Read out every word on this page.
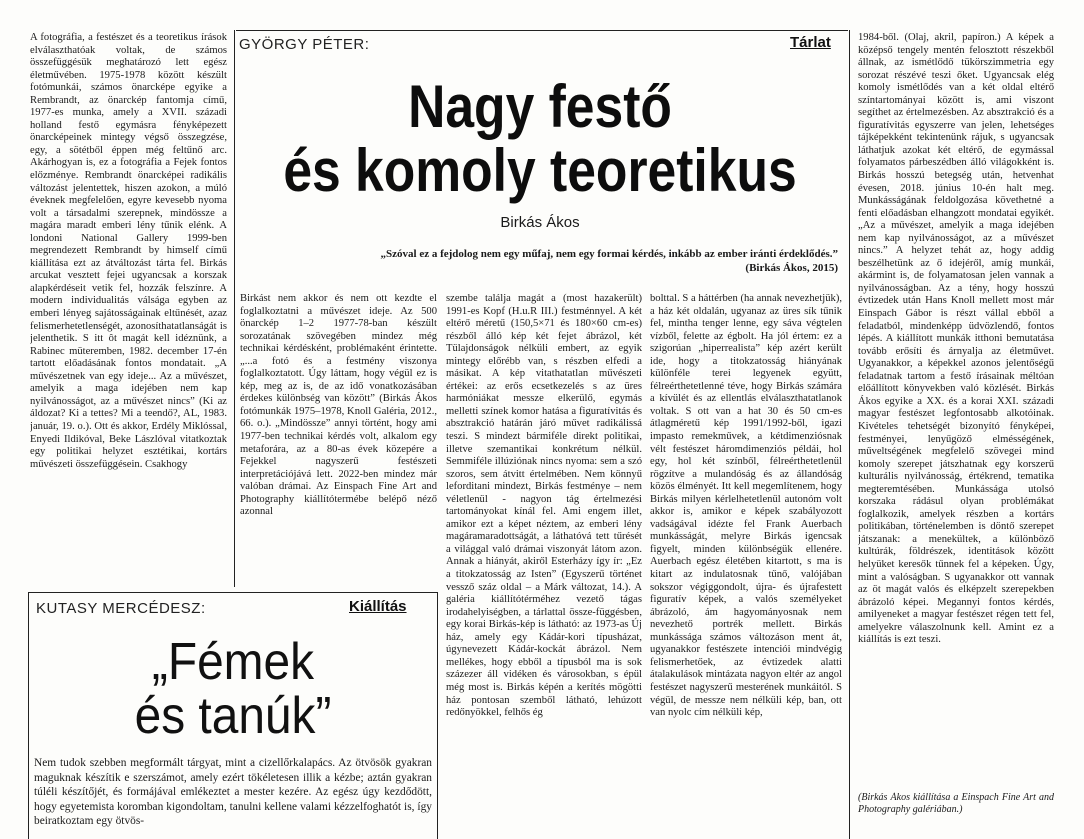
A fotográfia, a festészet és a teoretikus írások elválaszthatóak voltak, de számos összefüggésük meghatározó lett egész életművében. 1975-1978 között készült fotómunkái, számos önarcképe egyike a Rembrandt, az önarckép fantomja című, 1977-es munka, amely a XVII. századi holland festő egymásra fényképezett önarcképeinek mintegy végső összegzése, egy, a sötétből éppen még feltűnő arc. Akárhogyan is, ez a fotográfia a Fejek fontos előzménye. Rembrandt önarcképei radikális változást jelentettek, hiszen azokon, a múló éveknek megfelelően, egyre kevesebb nyoma volt a társadalmi szerepnek, mindössze a magára maradt emberi lény tűnik elénk. A londoni National Gallery 1999-ben megrendezett Rembrandt by himself című kiállítása ezt az átváltozást tárta fel. Birkás arcukat vesztett fejei ugyancsak a korszak alapkérdéseit vetik fel, hozzák felszínre. A modern individualitás válsága egyben az emberi lényeg sajátosságainak eltűnését, azaz felismerhetetlenségét, azonosíthatatlanságát is jelenthetik. S itt ôt magát kell idéznünk, a Rabinec müteremben, 1982. december 17-én tartott előadásának fontos mondatait. „A művészetnek van egy ideje... Az a művészet, amelyik a maga idejében nem kap nyilvánosságot, az a művészet nincs” (Ki az áldozat? Ki a tettes? Mi a teendő?, AL, 1983. január, 19. o.). Ott és akkor, Erdély Miklóssal, Enyedi Ildikóval, Beke Lászlóval vitatkoztak egy politikai helyzet esztétikai, kortárs művészeti összefüggésein. Csakhogy

GYÖRGY PÉTER:	Tárlat
Nagy festő
és komoly teoretikus
Birkás Ákos
„Szóval ez a fejdolog nem egy műfaj, nem egy formai kérdés, inkább az ember iránti érdeklődés.”
(Birkás Ákos, 2015)

Birkást nem akkor és nem ott kezdte el foglalkoztatni a művészet ideje. Az 500 önarckép 1–2 1977-78-ban készült sorozatának szövegében mindez még technikai kérdésként, problémaként érintette. „...a fotó és a festmény viszonya foglalkoztatott. Úgy láttam, hogy végül ez is kép, meg az is, de az idő vonatkozásában érdekes különbség van között” (Birkás Ákos fotómunkák 1975–1978, Knoll Galéria, 2012., 66. o.). „Mindössze” annyi történt, hogy ami 1977-ben technikai kérdés volt, alkalom egy metaforára, az a 80-as évek közepére a Fejekkel nagyszerű festészeti interpretációjává lett. 2022-ben mindez már valóban drámai. Az Einspach Fine Art and Photography kiállítótermébe belépő néző azonnal

szembe találja magát a (most hazakerült) 1991-es Kopf (H.u.R III.) festménnyel. A két eltérő méretű (150,5×71 és 180×60 cm-es) részből álló kép két fejet ábrázol, két Tülajdonságok nélküli embert, az egyik mintegy előrébb van, s részben elfedi a másikat. A kép vitathatatlan művészeti értékei: az erős ecsetkezelés s az üres harmóniákat messze elkerülő, egymás melletti színek komor hatása a figuratívitás és absztrakció határán járó művet radikálissá teszi. S mindezt bármiféle direkt politikai, illetve szemantikai konkrétum nélkül. Semmiféle illúziónak nincs nyoma: sem a szó szoros, sem átvitt értelmében. Nem könnyű leforditani mindezt, Birkás festménye – nem véletlenül - nagyon tág értelmezési tartományokat kínál fel. Ami engem illet, amikor ezt a képet néztem, az emberi lény magáramaradottságát, a láthatóvá tett tűrését a világgal való drámai viszonyát látom azon. Annak a hiányát, akiről Esterházy így ír: „Ez a titokzatosság az Isten” (Egyszerű történet vessző száz oldal – a Márk változat, 14.). A galéria kiállítótérméhez vezető tágas irodahelyiségben, a tárlattal össze-függésben, egy korai Birkás-kép is látható: az 1973-as Új ház, amely egy Kádár-kori típusházat, úgynevezett Kádár-kockát ábrázol. Nem mellékes, hogy ebből a típusból ma is sok százezer áll vidéken és városokban, s épül még most is. Birkás képén a kerítés mögötti ház pontosan szemből látható, lehúzott redőnyökkel, felhős ég

bolttal. S a háttérben (ha annak nevezhetjük), a ház két oldalán, ugyanaz az üres sík tűnik fel, mintha tenger lenne, egy sáva végtelen vízből, felette az égbolt. Ha jól értem: ez a szigorúan „hiperrealista” kép azért került ide, hogy a titokzatosság hiányának különféle terei legyenek együtt, félreérthetetlenné téve, hogy Birkás számára a kívülét és az ellentlás elválaszthatatlanok voltak. S ott van a hat 30 és 50 cm-es átlagméretű kép 1991/1992-ből, igazi impasto remekművek, a kétdimenziósnak vélt festészet háromdimenziós példái, hol egy, hol két színből, félreérthetetlenül rögzítve a mulandóság és az állandóság közös élményét. Itt kell megemlítenem, hogy Birkás milyen kérlelhetetlenül autonóm volt akkor is, amikor e képek szabályozott vadságával idézte fel Frank Auerbach munkásságát, melyre Birkás igencsak figyelt, minden különbségük ellenére. Auerbach egész életében kitartott, s ma is kitart az indulatosnak tűnő, valójában sokszor végiggondolt, újra- és újrafestett figuratív képek, a valós személyeket ábrázoló, ám hagyományosnak nem nevezhető portrék mellett. Birkás munkássága számos változáson ment át, ugyanakkor festészete intenciói mindvégig felismerhetőek, az évtizedek alatti átalakulások mintázata nagyon eltér az angol festészet nagyszerű mesterének munkáitól. S végül, de messze nem nélküli kép, ban, ott van nyolc cím nélküli kép,

1984-ből. (Olaj, akril, papíron.) A képek a középső tengely mentén felosztott részekből állnak, az ismétlődő tükörszimmetria egy sorozat részévé teszi őket. Ugyancsak elég komoly ismétlődés van a két oldal eltérő színtartományai között is, ami viszont segíthet az értelmezésben. Az absztrakció és a figuratívitás egyszerre van jelen, lehetséges tájképekként tekintenünk rájuk, s ugyancsak láthatjuk azokat két eltérő, de egymással folyamatos párbeszédben álló világokként is. Birkás hosszú betegség után, hetvenhat évesen, 2018. június 10-én halt meg. Munkásságának feldolgozása követhetné a fenti előadásban elhangzott mondatai egyikét. „Az a művészet, amelyik a maga idejében nem kap nyilvánosságot, az a művészet nincs.” A helyzet tehát az, hogy addig beszélhetünk az ő idejéről, amíg munkái, akármint is, de folyamatosan jelen vannak a nyilvánosságban. Az a tény, hogy hosszú évtizedek után Hans Knoll mellett most már Einspach Gábor is részt vállal ebből a feladatból, mindenképp üdvözlendő, fontos lépés. A kiállított munkák itthoni bemutatása tovább erősíti és árnyalja az életművet. Ugyanakkor, a képekkel azonos jelentőségű feladatnak tartom a festő írásainak méltóan előállított könyvekben való közlését. Birkás Ákos egyike a XX. és a korai XXI. századi magyar festészet legfontosabb alkotóinak. Kivételes tehetségét bizonyító fényképei, festményei, lenyűgöző elmésségének, műveltségének megfelelő szövegei mind komoly szerepet játszhatnak egy korszerű kulturális nyilvánosság, értékrend, tematika megteremtésében. Munkássága utolsó korszaka rádásul olyan problémákat foglalkozik, amelyek részben a kortárs politikában, történelemben is döntő szerepet játszanak: a menekültek, a különböző kultúrák, földrészek, identitások között helyüket keresők tűnnek fel a képeken. Úgy, mint a valóságban. S ugyanakkor ott vannak az öt magát valós és elképzelt szerepekben ábrázoló képei. Megannyi fontos kérdés, amilyeneket a magyar festészet régen tett fel, amelyekre válaszolnunk kell. Amint ez a kiállítás is ezt teszi.

(Birkás Ákos kiállítása a Einspach Fine Art and Photography galériában.)

KUTASY MERCÉDESZ:	Kiállítás
„Fémek
és tanúk”

Nem tudok szebben megformált tárgyat, mint a cizellőrkalapács. Az ötvösök gyakran maguknak készítik e szerszámot, amely ezért tökéletesen illik a kézbe; aztán gyakran túléli készítőjét, és formájával emlékeztet a mester kezére. Az egész úgy kezdődött, hogy egyetemista koromban kigondoltam, tanulni kellene valami kézzelfoghatót is, így beiratkoztam egy ötvös-
